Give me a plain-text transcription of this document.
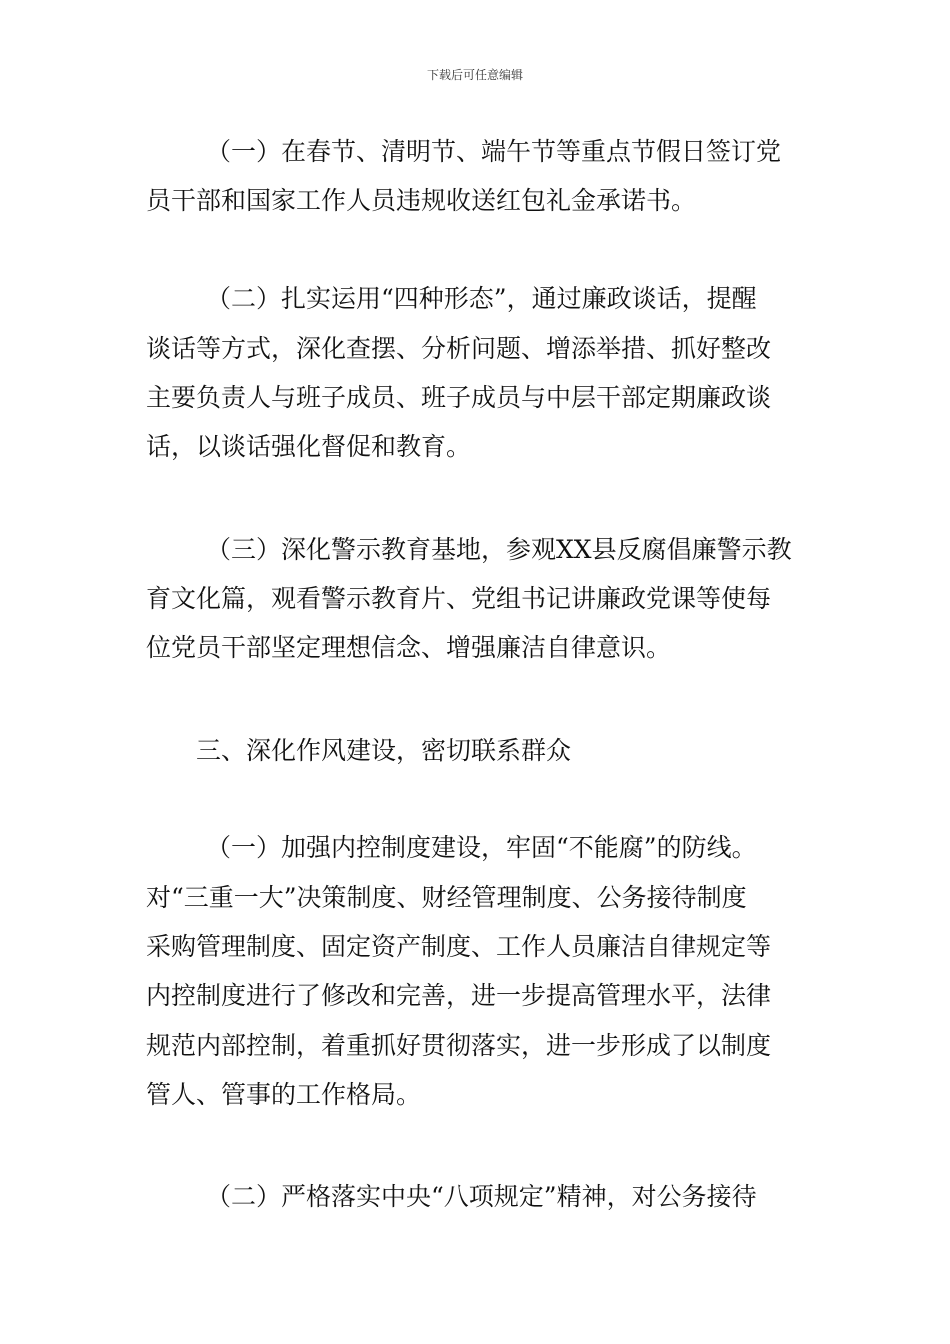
下载后可任意编辑
（一）在春节、清明节、端午节等重点节假日签订党
员干部和国家工作人员违规收送红包礼金承诺书。
（二）扎实运用“四种形态”，通过廉政谈话，提醒
谈话等方式，深化查摆、分析问题、增添举措、抓好整改
主要负责人与班子成员、班子成员与中层干部定期廉政谈
话，以谈话强化督促和教育。
（三）深化警示教育基地，参观XX县反腐倡廉警示教
育文化篇，观看警示教育片、党组书记讲廉政党课等使每
位党员干部坚定理想信念、增强廉洁自律意识。
三、深化作风建设，密切联系群众
（一）加强内控制度建设，牢固“不能腐”的防线。
对“三重一大”决策制度、财经管理制度、公务接待制度
采购管理制度、固定资产制度、工作人员廉洁自律规定等
内控制度进行了修改和完善，进一步提高管理水平，法律
规范内部控制，着重抓好贯彻落实，进一步形成了以制度
管人、管事的工作格局。
（二）严格落实中央“八项规定”精神，对公务接待
